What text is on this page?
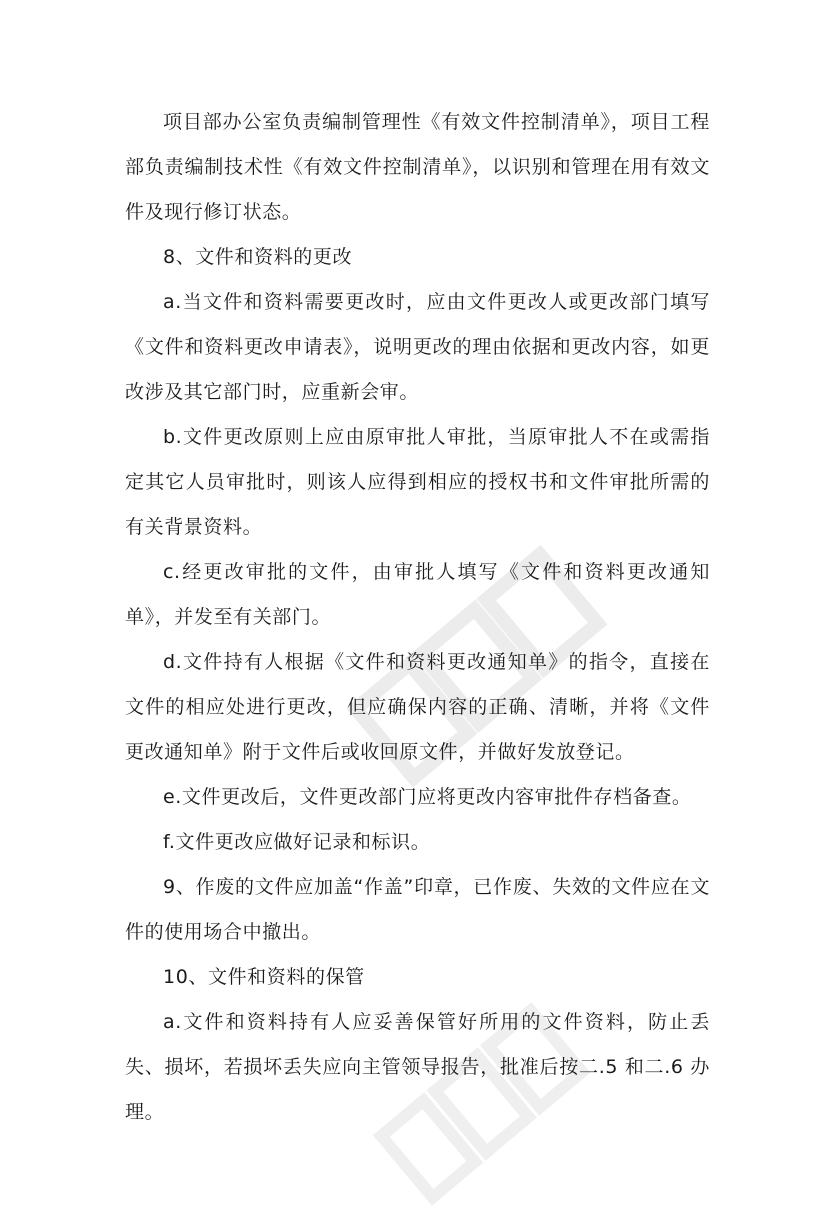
项目部办公室负责编制管理性《有效文件控制清单》，项目工程部负责编制技术性《有效文件控制清单》，以识别和管理在用有效文件及现行修订状态。

8、文件和资料的更改

a.当文件和资料需要更改时，应由文件更改人或更改部门填写《文件和资料更改申请表》，说明更改的理由依据和更改内容，如更改涉及其它部门时，应重新会审。

b.文件更改原则上应由原审批人审批，当原审批人不在或需指定其它人员审批时，则该人应得到相应的授权书和文件审批所需的有关背景资料。

c.经更改审批的文件，由审批人填写《文件和资料更改通知单》，并发至有关部门。

d.文件持有人根据《文件和资料更改通知单》的指令，直接在文件的相应处进行更改，但应确保内容的正确、清晰，并将《文件更改通知单》附于文件后或收回原文件，并做好发放登记。

e.文件更改后，文件更改部门应将更改内容审批件存档备查。

f.文件更改应做好记录和标识。

9、作废的文件应加盖“作盖”印章，已作废、失效的文件应在文件的使用场合中撤出。

10、文件和资料的保管

a.文件和资料持有人应妥善保管好所用的文件资料，防止丢失、损坏，若损坏丢失应向主管领导报告，批准后按二.5 和二.6 办理。
